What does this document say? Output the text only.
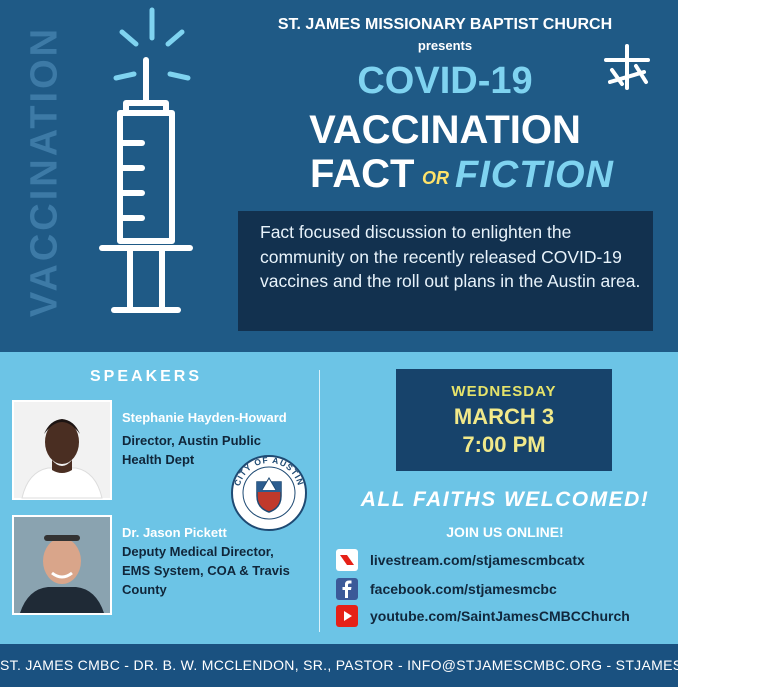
VACCINATION
ST. JAMES MISSIONARY BAPTIST CHURCH
presents
COVID-19
VACCINATION
FACT OR FICTION
Fact focused discussion to enlighten the community on the recently released COVID-19 vaccines and the roll out plans in the Austin area.
SPEAKERS
Stephanie Hayden-Howard
Director, Austin Public Health Dept
Dr. Jason Pickett
Deputy Medical Director, EMS System, COA & Travis County
CITY OF AUSTIN
WEDNESDAY
MARCH 3
7:00 PM
ALL FAITHS WELCOMED!
JOIN US ONLINE!
livestream.com/stjamescmbcatx
facebook.com/stjamesmcbc
youtube.com/SaintJamesCMBCChurch
ST. JAMES CMBC - DR. B. W. MCCLENDON, SR., PASTOR - INFO@STJAMESCMBC.ORG - STJAMESCMBC.ORG
